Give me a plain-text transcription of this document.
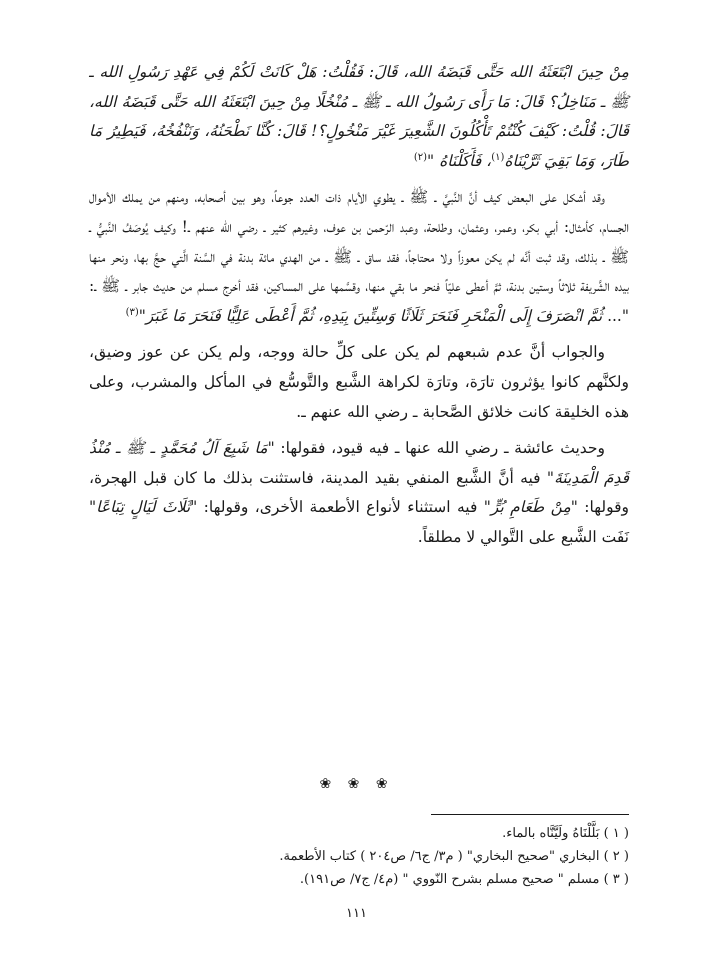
مِنْ حِينَ ابْتَعَثَهُ الله حَتَّى قَبَضَهُ الله، قَالَ: فَقُلْتُ: هَلْ كَانَتْ لَكُمْ فِي عَهْدِ رَسُولِ الله ـ ﷺ ـ مَنَاخِلُ؟ قَالَ: مَا رَأَى رَسُولُ الله ـ ﷺ ـ مُنْخُلًا مِنْ حِينَ ابْتَعَثَهُ الله حَتَّى قَبَضَهُ الله، قَالَ: قُلْتُ: كَيْفَ كُنْتُمْ تَأْكُلُونَ الشَّعِيرَ غَيْرَ مَنْخُولٍ؟! قَالَ: كُنَّا نَطْحَنُهُ، وَنَنْفُخُهُ، فَيَطِيرُ مَا طَارَ، وَمَا بَقِيَ ثَرَّيْنَاهُ$^{(١)}$، فَأَكَلْنَاهُ "$^{(٢)}$

وقد أشكل على البعض كيف أنَّ النَّبيَّ ـ ﷺ ـ يطوي الأيام ذات العدد جوعاً، وهو بين أصحابه، ومنهم من يملك الأموال الجسام، كأمثال: أبي بكر، وعمر، وعثمان، وطلحة، وعبد الرّحمن بن عوف، وغيرهم كثير ـ رضي الله عنهم ـ! وكيف يُوصَفُ النَّبيُّ ـ ﷺ ـ بذلك، وقد ثبت أنَّه لم يكن معوزاً ولا محتاجاً، فقد ساق ـ ﷺ ـ من الهدي مائة بدنة في السَّنة الَّتي حجَّ بها، ونحر منها بيده الشَّريفة ثلاثاً وستين بدنة، ثمَّ أعطى عليّاً فنحر ما بقي منها، وقسَّمها على المساكين، فقد أخرج مسلم من حديث جابر ـ ﷺ ـ: "... ثُمَّ انْصَرَفَ إِلَى الْمَنْحَرِ فَنَحَرَ ثَلَاثًا وَسِتِّينَ بِيَدِهِ، ثُمَّ أَعْطَى عَلِيًّا فَنَحَرَ مَا غَبَرَ"$^{(٣)}$

والجواب أنَّ عدم شبعهم لم يكن على كلِّ حالة ووجه، ولم يكن عن عوز وضيق، ولكنَّهم كانوا يؤثرون تارَة، وتارَة لكراهة الشَّبع والتَّوسُّع في المأكل والمشرب، وعلى هذه الخليقة كانت خلائق الصَّحابة ـ رضي الله عنهم ـ.

وحديث عائشة ـ رضي الله عنها ـ فيه قيود، فقولها: "مَا شَبِعَ آلُ مُحَمَّدٍ ـ ﷺ ـ مُنْذُ قَدِمَ الْمَدِينَةَ" فيه أنَّ الشَّبع المنفي بقيد المدينة، فاستثنت بذلك ما كان قبل الهجرة، وقولها: "مِنْ طَعَامِ بُرٍّ" فيه استثناء لأنواع الأطعمة الأخرى، وقولها: "ثَلَاثَ لَيَالٍ تِبَاعًا" نَفَت الشَّبع على التَّوالي لا مطلقاً.

❀ ❀ ❀

( ١ ) بَلَّلْنَاهُ ولَيَّنَّاه بالماء.

( ٢ ) البخاري "صحيح البخاري" ( م٣/ ج٦/ ص٢٠٤ ) كتاب الأطعمة.

( ٣ ) مسلم " صحيح مسلم بشرح النّووي " (م٤/ ج٧/ ص١٩١).

١١١
